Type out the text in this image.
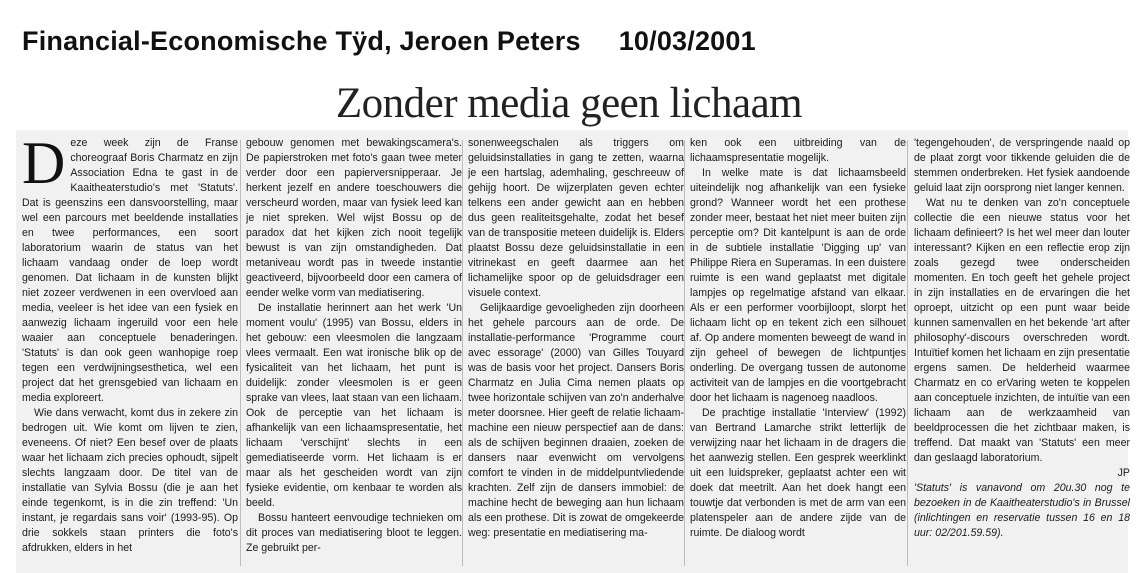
Financial-Economische Tÿd, Jeroen Peters 10/03/2001
Zonder media geen lichaam

Deze week zijn de Franse choreograaf Boris Charmatz en zijn Association Edna te gast in de Kaaitheaterstudio's met 'Statuts'. Dat is geenszins een dansvoorstelling, maar wel een parcours met beeldende installaties en twee performances, een soort laboratorium waarin de status van het lichaam vandaag onder de loep wordt genomen. Dat lichaam in de kunsten blijkt niet zozeer verdwenen in een overvloed aan media, veeleer is het idee van een fysiek en aanwezig lichaam ingeruild voor een hele waaier aan conceptuele benaderingen. 'Statuts' is dan ook geen wanhopige roep tegen een verdwijningsesthetica, wel een project dat het grensgebied van lichaam en media exploreert.

Wie dans verwacht, komt dus in zekere zin bedrogen uit. Wie komt om lijven te zien, eveneens. Of niet? Een besef over de plaats waar het lichaam zich precies ophoudt, sijpelt slechts langzaam door. De titel van de installatie van Sylvia Bossu (die je aan het einde tegenkomt, is in die zin treffend: 'Un instant, je regardais sans voir' (1993-95). Op drie sokkels staan printers die foto's afdrukken, elders in het

gebouw genomen met bewakingscamera's. De papierstroken met foto's gaan twee meter verder door een papierversnipperaar. Je herkent jezelf en andere toeschouwers die verscheurd worden, maar van fysiek leed kan je niet spreken. Wel wijst Bossu op de paradox dat het kijken zich nooit tegelijk bewust is van zijn omstandigheden. Dat metaniveau wordt pas in tweede instantie geactiveerd, bijvoorbeeld door een camera of eender welke vorm van mediatisering.

De installatie herinnert aan het werk 'Un moment voulu' (1995) van Bossu, elders in het gebouw: een vleesmolen die langzaam vlees vermaalt. Een wat ironische blik op de fysicaliteit van het lichaam, het punt is duidelijk: zonder vleesmolen is er geen sprake van vlees, laat staan van een lichaam. Ook de perceptie van het lichaam is afhankelijk van een lichaamspresentatie, het lichaam 'verschijnt' slechts in een gemediatiseerde vorm. Het lichaam is er maar als het gescheiden wordt van zijn fysieke evidentie, om kenbaar te worden als beeld.

Bossu hanteert eenvoudige technieken om dit proces van mediatisering bloot te leggen. Ze gebruikt per-

sonenweegschalen als triggers om geluidsinstallaties in gang te zetten, waarna je een hartslag, ademhaling, geschreeuw of gehijg hoort. De wijzerplaten geven echter telkens een ander gewicht aan en hebben dus geen realiteitsgehalte, zodat het besef van de transpositie meteen duidelijk is. Elders plaatst Bossu deze geluidsinstallatie in een vitrinekast en geeft daarmee aan het lichamelijke spoor op de geluidsdrager een visuele context.

Gelijkaardige gevoeligheden zijn doorheen het gehele parcours aan de orde. De installatie-performance 'Programme court avec essorage' (2000) van Gilles Touyard was de basis voor het project. Dansers Boris Charmatz en Julia Cima nemen plaats op twee horizontale schijven van zo'n anderhalve meter doorsnee. Hier geeft de relatie lichaam-machine een nieuw perspectief aan de dans: als de schijven beginnen draaien, zoeken de dansers naar evenwicht om vervolgens comfort te vinden in de middelpuntvliedende krachten. Zelf zijn de dansers immobiel: de machine hecht de beweging aan hun lichaam als een prothese. Dit is zowat de omgekeerde weg: presentatie en mediatisering ma-

ken ook een uitbreiding van de lichaamspresentatie mogelijk.

In welke mate is dat lichaamsbeeld uiteindelijk nog afhankelijk van een fysieke grond? Wanneer wordt het een prothese zonder meer, bestaat het niet meer buiten zijn perceptie om? Dit kantelpunt is aan de orde in de subtiele installatie 'Digging up' van Philippe Riera en Superamas. In een duistere ruimte is een wand geplaatst met digitale lampjes op regelmatige afstand van elkaar. Als er een performer voorbijloopt, slorpt het lichaam licht op en tekent zich een silhouet af. Op andere momenten beweegt de wand in zijn geheel of bewegen de lichtpuntjes onderling. De overgang tussen de autonome activiteit van de lampjes en die voortgebracht door het lichaam is nagenoeg naadloos.

De prachtige installatie 'Interview' (1992) van Bertrand Lamarche strikt letterlijk de verwijzing naar het lichaam in de dragers die het aanwezig stellen. Een gesprek weerklinkt uit een luidspreker, geplaatst achter een wit doek dat meetrilt. Aan het doek hangt een touwtje dat verbonden is met de arm van een platenspeler aan de andere zijde van de ruimte. De dialoog wordt

'tegengehouden', de verspringende naald op de plaat zorgt voor tikkende geluiden die de stemmen onderbreken. Het fysiek aandoende geluid laat zijn oorsprong niet langer kennen.

Wat nu te denken van zo'n conceptuele collectie die een nieuwe status voor het lichaam definieert? Is het wel meer dan louter interessant? Kijken en een reflectie erop zijn zoals gezegd twee onderscheiden momenten. En toch geeft het gehele project in zijn installaties en de ervaringen die het oproept, uitzicht op een punt waar beide kunnen samenvallen en het bekende 'art after philosophy'-discours overschreden wordt. Intuïtief komen het lichaam en zijn presentatie ergens samen. De helderheid waarmee Charmatz en co erVaring weten te koppelen aan conceptuele inzichten, de intuïtie van een lichaam aan de werkzaamheid van beeldprocessen die het zichtbaar maken, is treffend. Dat maakt van 'Statuts' een meer dan geslaagd laboratorium.

JP

'Statuts' is vanavond om 20u.30 nog te bezoeken in de Kaaitheaterstudio's in Brussel (inlichtingen en reservatie tussen 16 en 18 uur: 02/201.59.59).
